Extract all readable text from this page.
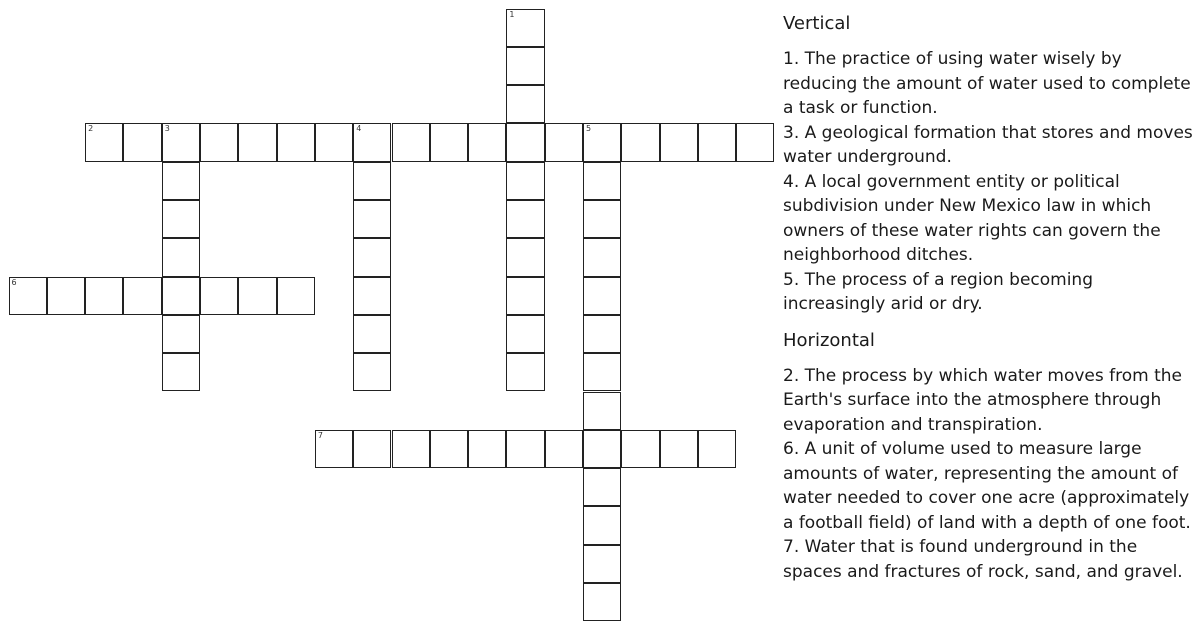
1
2	3	4	5
6
7
Vertical

1. The practice of using water wisely by reducing the amount of water used to complete a task or function.

3. A geological formation that stores and moves water underground.

4. A local government entity or political subdivision under New Mexico law in which owners of these water rights can govern the neighborhood ditches.

5. The process of a region becoming increasingly arid or dry.

Horizontal

2. The process by which water moves from the Earth's surface into the atmosphere through evaporation and transpiration.

6. A unit of volume used to measure large amounts of water, representing the amount of water needed to cover one acre (approximately a football field) of land with a depth of one foot.

7. Water that is found underground in the spaces and fractures of rock, sand, and gravel.
